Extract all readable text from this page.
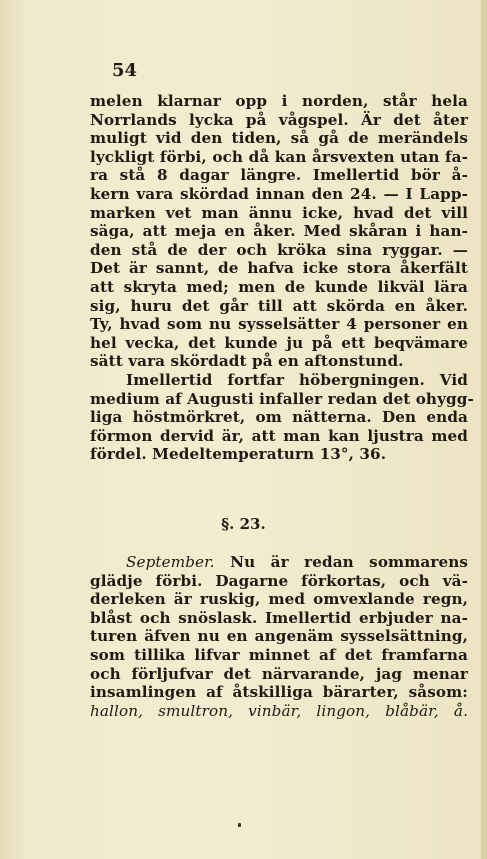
54
melen klarnar opp i norden, står hela
Norrlands lycka på vågspel. Är det åter
muligt vid den tiden, så gå de merändels
lyckligt förbi, och då kan årsvexten utan fa-
ra stå 8 dagar längre. Imellertid bör å-
kern vara skördad innan den 24. — I Lapp-
marken vet man ännu icke, hvad det vill
säga, att meja en åker. Med skåran i han-
den stå de der och kröka sina ryggar. —
Det är sannt, de hafva icke stora åkerfält
att skryta med; men de kunde likväl lära
sig, huru det går till att skörda en åker.
Ty, hvad som nu sysselsätter 4 personer en
hel vecka, det kunde ju på ett beqvämare
sätt vara skördadt på en aftonstund.
Imellertid fortfar höbergningen. Vid
medium af Augusti infaller redan det ohygg-
liga höstmörkret, om nätterna. Den enda
förmon dervid är, att man kan ljustra med
fördel. Medeltemperaturn 13°, 36.
§. 23.
September. Nu är redan sommarens
glädje förbi. Dagarne förkortas, och vä-
derleken är ruskig, med omvexlande regn,
blåst och snöslask. Imellertid erbjuder na-
turen äfven nu en angenäm sysselsättning,
som tillika lifvar minnet af det framfarna
och förljufvar det närvarande, jag menar
insamlingen af åtskilliga bärarter, såsom:
hallon, smultron, vinbär, lingon, blåbär, å.
